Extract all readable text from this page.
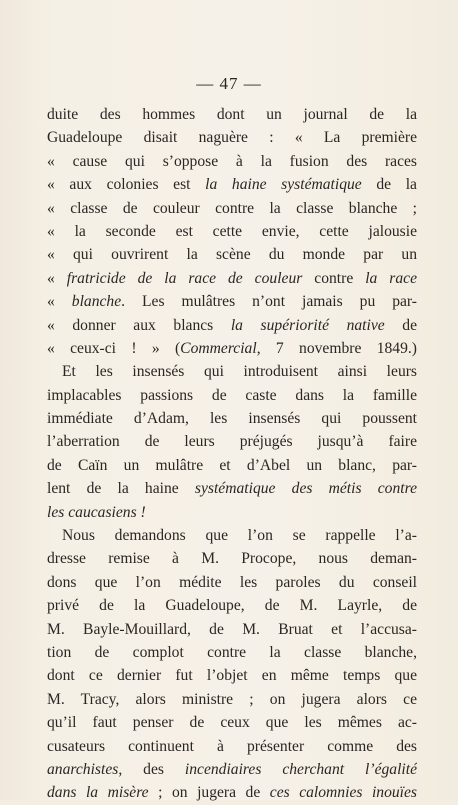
— 47 —
duite des hommes dont un journal de la
Guadeloupe disait naguère : « La première
« cause qui s’oppose à la fusion des races
« aux colonies est la haine systématique de la
« classe de couleur contre la classe blanche ;
« la seconde est cette envie, cette jalousie
« qui ouvrirent la scène du monde par un
« fratricide de la race de couleur contre la race
« blanche. Les mulâtres n’ont jamais pu par-
« donner aux blancs la supériorité native de
« ceux-ci ! » (Commercial, 7 novembre 1849.)
Et les insensés qui introduisent ainsi leurs
implacables passions de caste dans la famille
immédiate d’Adam, les insensés qui poussent
l’aberration de leurs préjugés jusqu’à faire
de Caïn un mulâtre et d’Abel un blanc, par-
lent de la haine systématique des métis contre
les caucasiens !
Nous demandons que l’on se rappelle l’a-
dresse remise à M. Procope, nous deman-
dons que l’on médite les paroles du conseil
privé de la Guadeloupe, de M. Layrle, de
M. Bayle-Mouillard, de M. Bruat et l’accusa-
tion de complot contre la classe blanche,
dont ce dernier fut l’objet en même temps que
M. Tracy, alors ministre ; on jugera alors ce
qu’il faut penser de ceux que les mêmes ac-
cusateurs continuent à présenter comme des
anarchistes, des incendiaires cherchant l’égalité
dans la misère ; on jugera de ces calomnies inouïes
